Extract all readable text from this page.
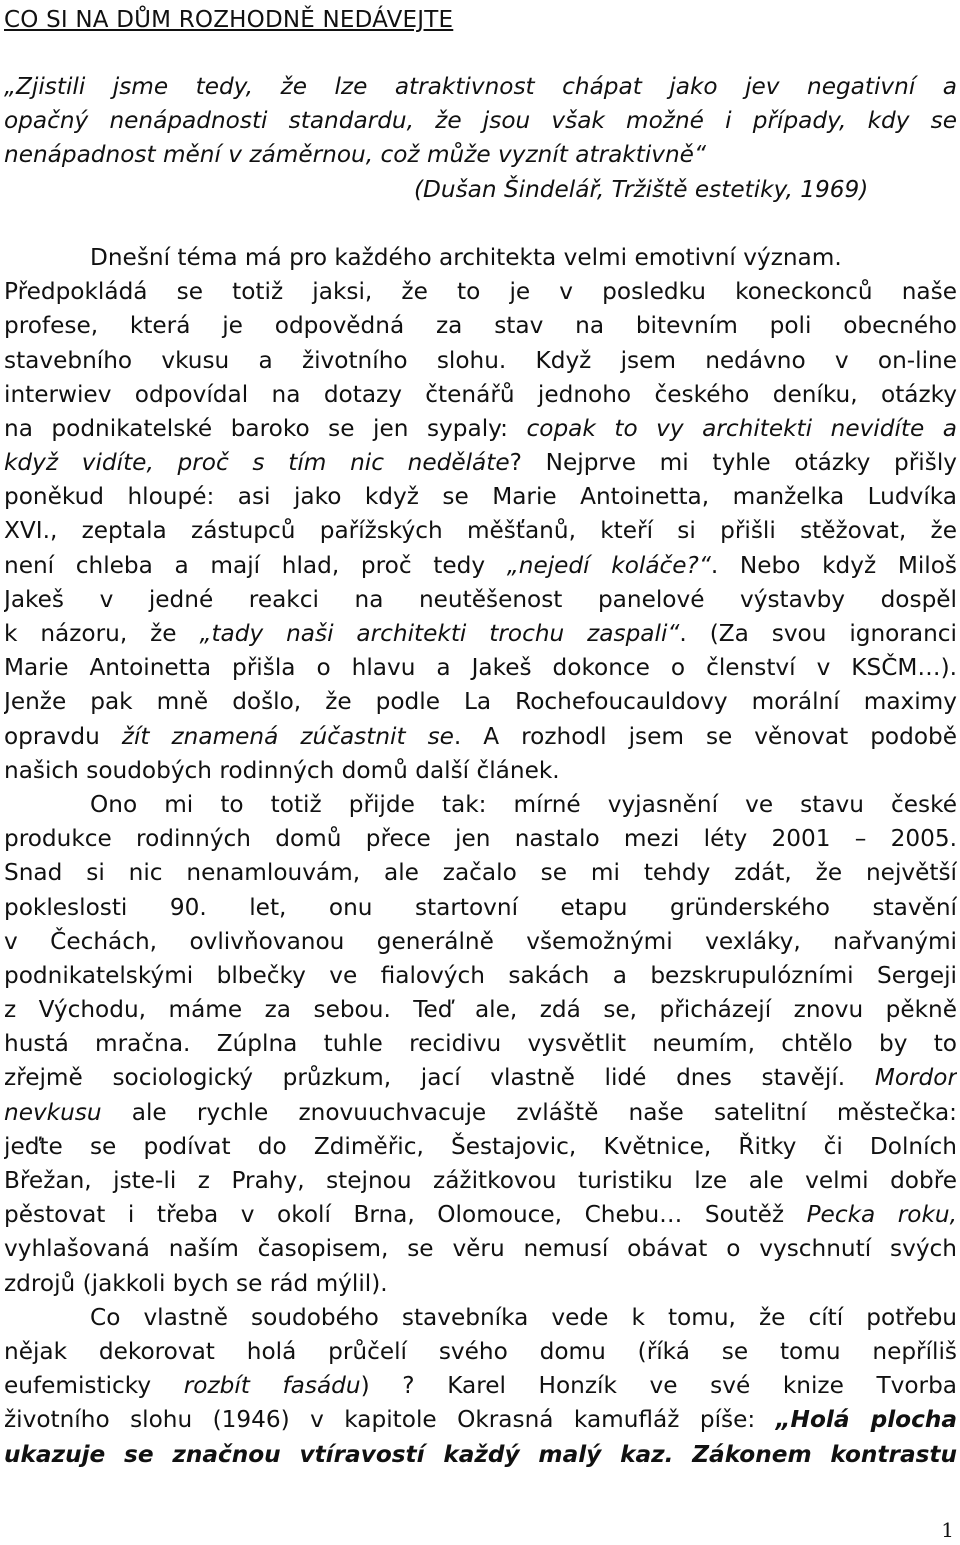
CO SI NA DŮM ROZHODNĚ NEDÁVEJTE
„Zjistili jsme tedy, že lze atraktivnost chápat jako jev negativní a
opačný nenápadnosti standardu, že jsou však možné i případy, kdy se
nenápadnost mění v záměrnou, což může vyznít atraktivně“
(Dušan Šindelář, Tržiště estetiky, 1969)
Dnešní téma má pro každého architekta velmi emotivní význam.
Předpokládá se totiž jaksi, že to je v posledku koneckonců naše
profese, která je odpovědná za stav na bitevním poli obecného
stavebního vkusu a životního slohu. Když jsem nedávno v on-line
interwiev odpovídal na dotazy čtenářů jednoho českého deníku, otázky
na podnikatelské baroko se jen sypaly: copak to vy architekti nevidíte a
když vidíte, proč s tím nic neděláte? Nejprve mi tyhle otázky přišly
poněkud hloupé: asi jako když se Marie Antoinetta, manželka Ludvíka
XVI., zeptala zástupců pařížských měšťanů, kteří si přišli stěžovat, že
není chleba a mají hlad, proč tedy „nejedí koláče?“. Nebo když Miloš
Jakeš v jedné reakci na neutěšenost panelové výstavby dospěl
k názoru, že „tady naši architekti trochu zaspali“. (Za svou ignoranci
Marie Antoinetta přišla o hlavu a Jakeš dokonce o členství v KSČM…).
Jenže pak mně došlo, že podle La Rochefoucauldovy morální maximy
opravdu žít znamená zúčastnit se. A rozhodl jsem se věnovat podobě
našich soudobých rodinných domů další článek.
Ono mi to totiž přijde tak: mírné vyjasnění ve stavu české
produkce rodinných domů přece jen nastalo mezi léty 2001 – 2005.
Snad si nic nenamlouvám, ale začalo se mi tehdy zdát, že největší
pokleslosti 90. let, onu startovní etapu gründerského stavění
v Čechách, ovlivňovanou generálně všemožnými vexláky, nařvanými
podnikatelskými blbečky ve fialových sakách a bezskrupulózními Sergeji
z Východu, máme za sebou. Teď ale, zdá se, přicházejí znovu pěkně
hustá mračna. Zúplna tuhle recidivu vysvětlit neumím, chtělo by to
zřejmě sociologický průzkum, jací vlastně lidé dnes stavějí. Mordor
nevkusu ale rychle znovuuchvacuje zvláště naše satelitní městečka:
jeďte se podívat do Zdiměřic, Šestajovic, Květnice, Řitky či Dolních
Břežan, jste-li z Prahy, stejnou zážitkovou turistiku lze ale velmi dobře
pěstovat i třeba v okolí Brna, Olomouce, Chebu… Soutěž Pecka roku,
vyhlašovaná naším časopisem, se věru nemusí obávat o vyschnutí svých
zdrojů (jakkoli bych se rád mýlil).
Co vlastně soudobého stavebníka vede k tomu, že cítí potřebu
nějak dekorovat holá průčelí svého domu (říká se tomu nepříliš
eufemisticky rozbít fasádu) ? Karel Honzík ve své knize Tvorba
životního slohu (1946) v kapitole Okrasná kamufláž píše: „Holá plocha
ukazuje se značnou vtíravostí každý malý kaz. Zákonem kontrastu
1
